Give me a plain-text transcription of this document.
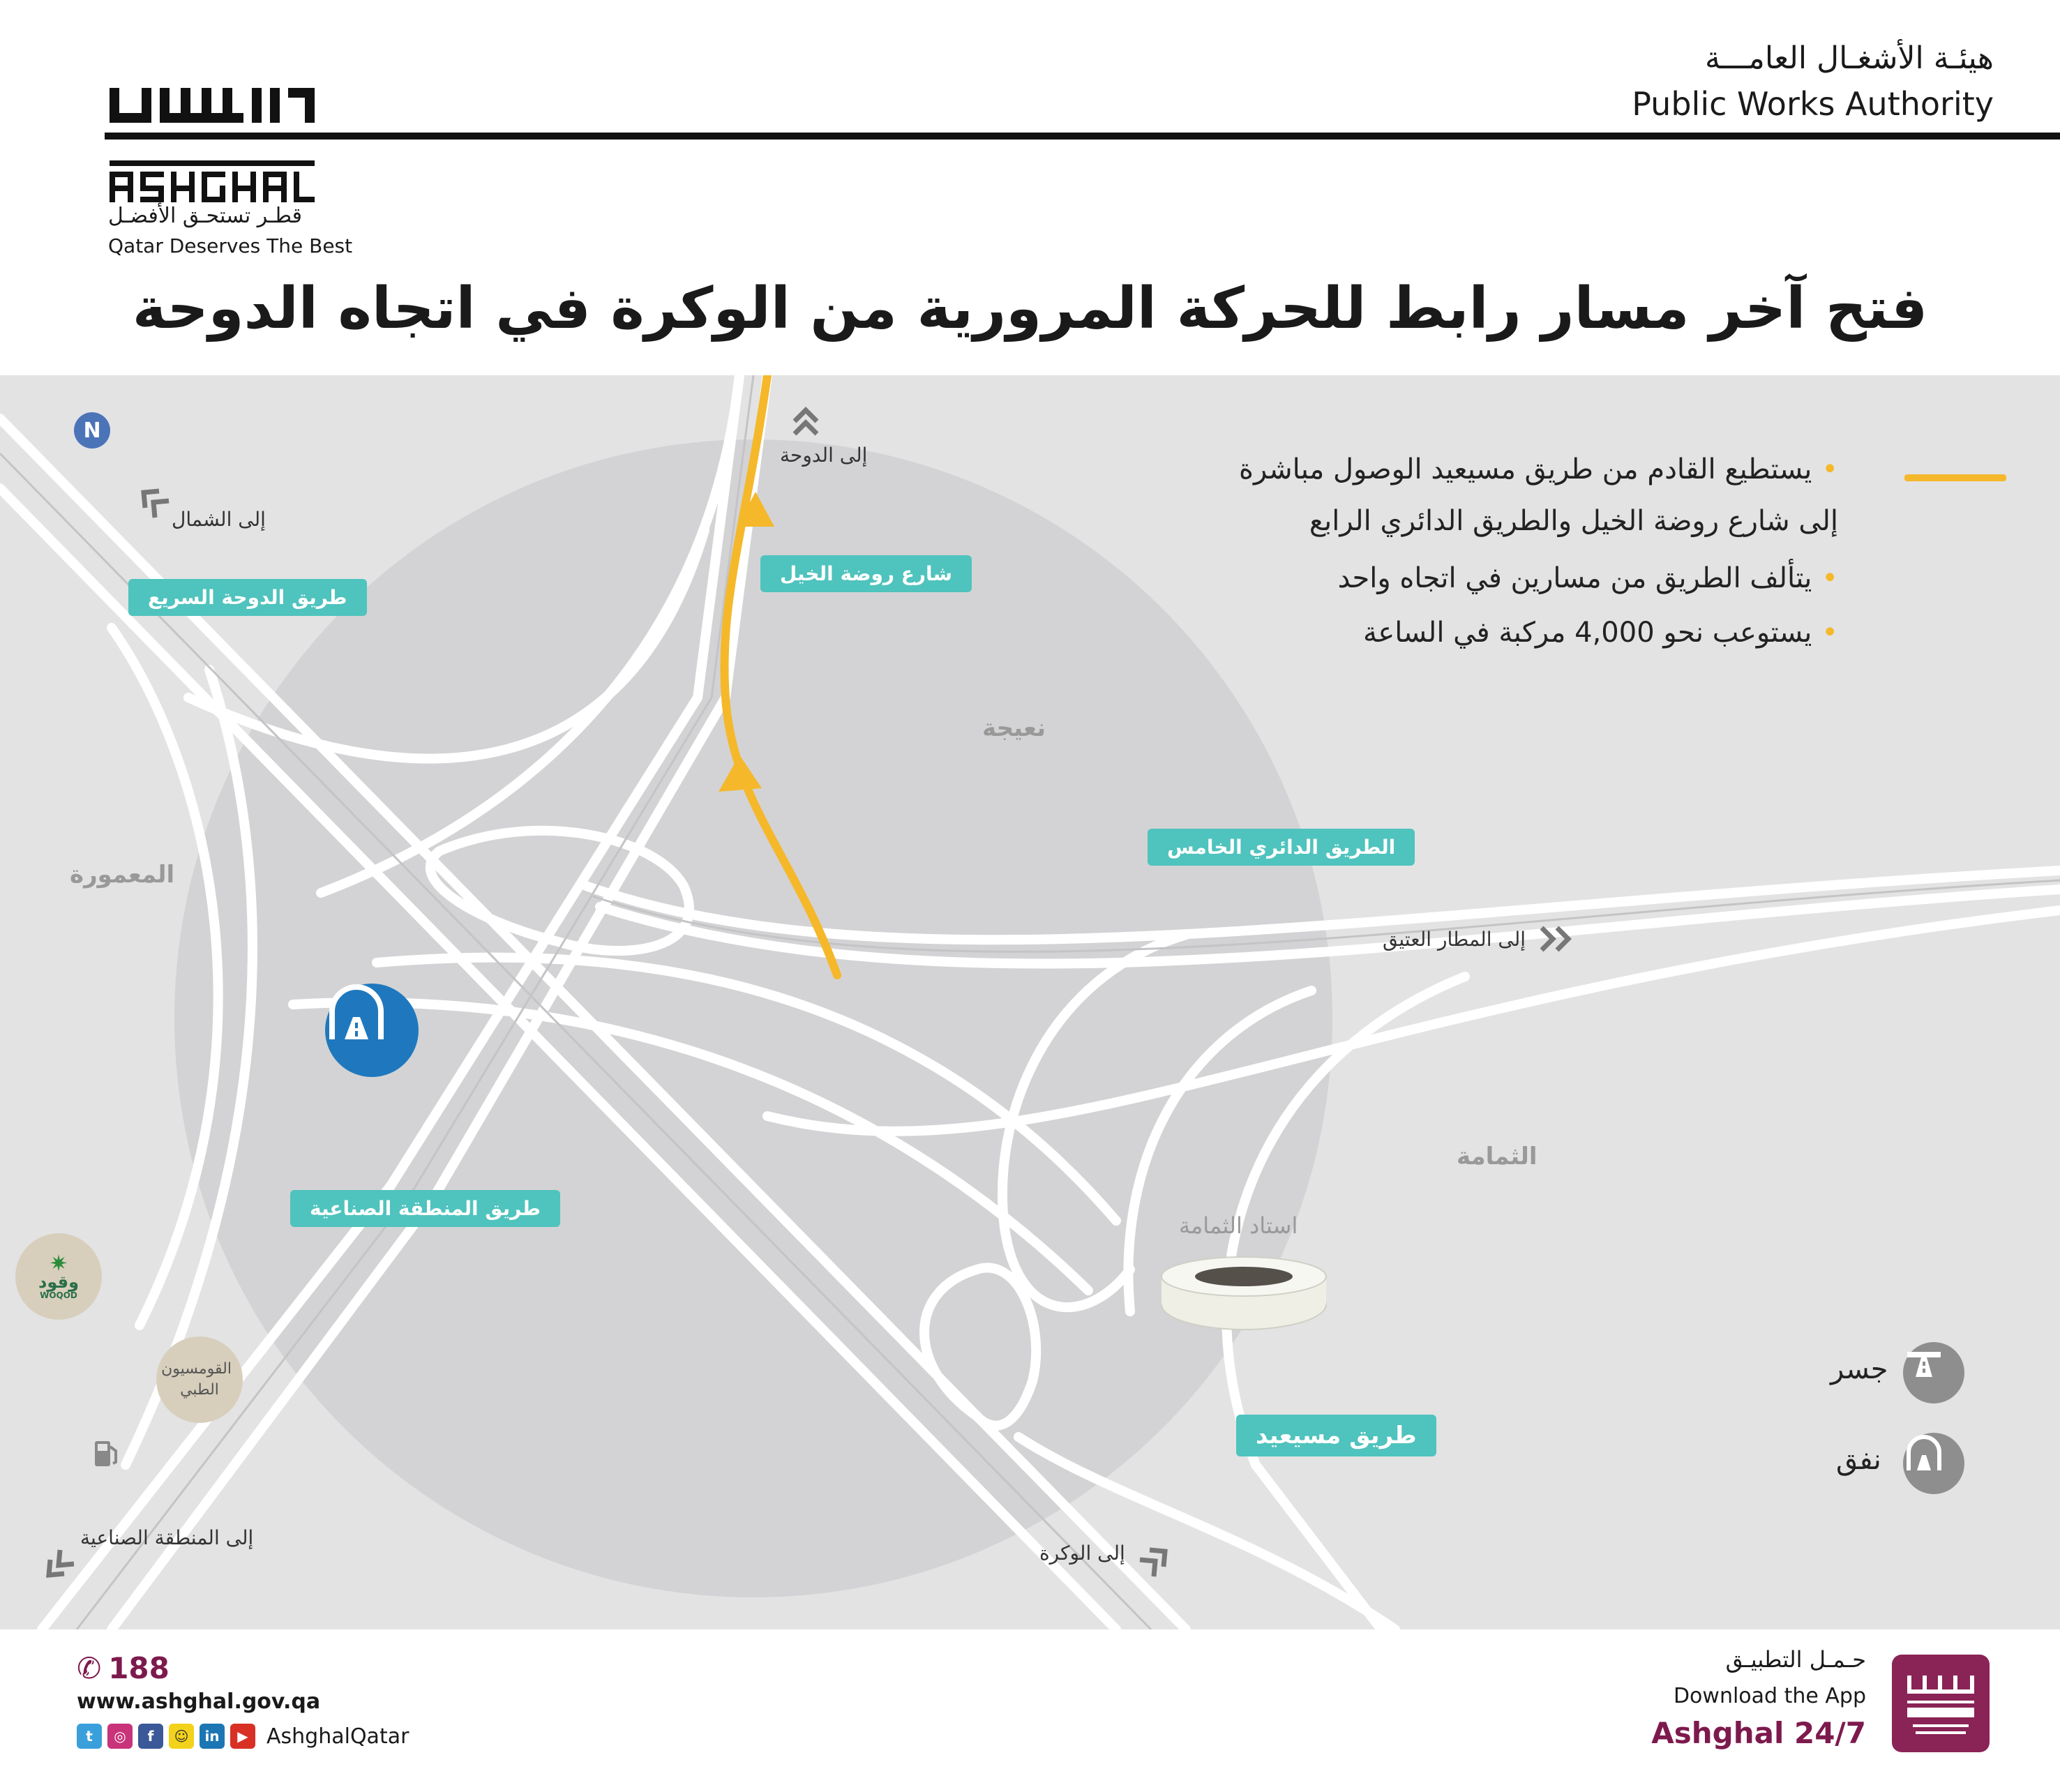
هيئـة الأشغـال العامـــة
Public Works Authority
قطـر تستحـق الأفضـل
Qatar Deserves The Best
فتح آخر مسار رابط للحركة المرورية من الوكرة في اتجاه الدوحة
N
إلى الدوحة
إلى الشمال
إلى المطار العتيق
إلى المنطقة الصناعية
إلى الوكرة
نعيجة
المعمورة
الثمامة
استاد الثمامة
شارع روضة الخيل
طريق الدوحة السريع
الطريق الدائري الخامس
طريق المنطقة الصناعية
طريق مسيعيد
✷
وقود
WOQOD
القومسيون الطبي
•يستطيع القادم من طريق مسيعيد الوصول مباشرة
إلى شارع روضة الخيل والطريق الدائري الرابع
•يتألف الطريق من مسارين في اتجاه واحد
•يستوعب نحو 4,000 مركبة في الساعة
جسر
نفق
✆ 188
www.ashghal.gov.qa
t	◎	f	☺	in	▶ AshghalQatar
حـمـل التطبيـق
Download the App
Ashghal 24/7
